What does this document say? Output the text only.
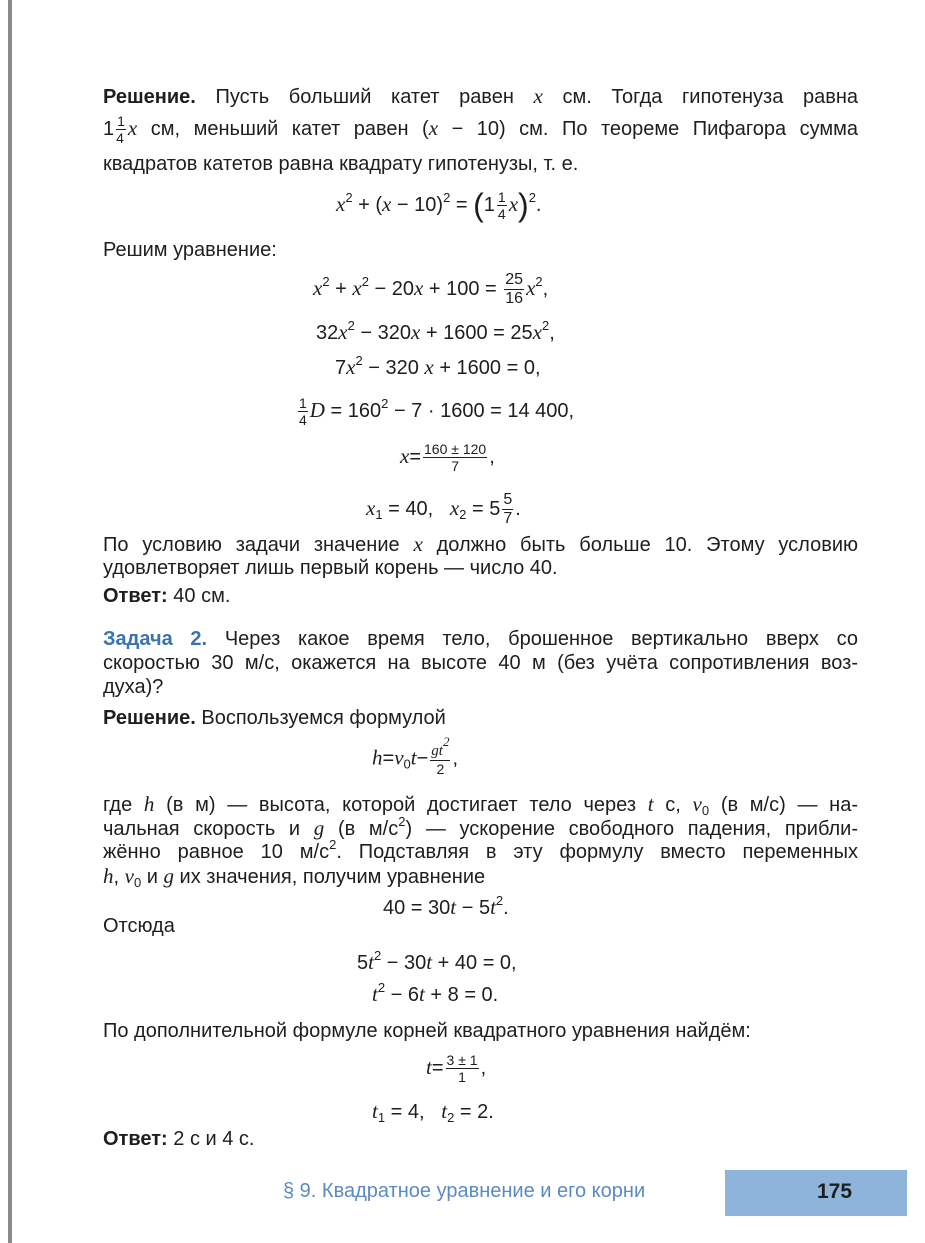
Решение. Пусть больший катет равен x см. Тогда гипотенуза равна
$1 \frac{1}{4}$ x см, меньший катет равен (x − 10) см. По теореме Пифагора сумма
квадратов катетов равна квадрату гипотенузы, т. е.
$x^2 + (x - 10)^2 = (1 \frac{1}{4} x)^2$.
Решим уравнение:
$x^2 + x^2 - 20x + 100 = \frac{25}{16} x^2$,
$32x^2 - 320x + 1600 = 25x^2$,
$7x^2 - 320$ x + 1600 = 0,
$\frac{1}{4}$ $D = 160^2 - 7 \cdot 1600 = 14$ 400,
$x= \frac{160 \pm 120}{7}$ ,
$x_1 = 40$, $x_2 = 5 \frac{5}{7}$ .
По условию задачи значение x должно быть больше 10. Этому условию
удовлетворяет лишь первый корень — число 40.
Ответ: 40 см.
Задача 2. Через какое время тело, брошенное вертикально вверх со
скоростью 30 м/с, окажется на высоте 40 м (без учёта сопротивления воз-
духа)?
Решение. Воспользуемся формулой
$h=v_0t- \frac{gt^2}{2}$ ,
где h (в м) — высота, которой достигает тело через t с, $v_0$ (в м/с) — на-
чальная скорость и g (в $м/с^2$) — ускорение свободного падения, прибли-
жённо равное 10 $м/с^2$. Подставляя в эту формулу вместо переменных
h, $v_0$ и g их значения, получим уравнение
$40 = 30t - 5t^2$.
Отсюда
$5t^2 - 30t + 40 = 0$,
$t^2 - 6t + 8 = 0$.
По дополнительной формуле корней квадратного уравнения найдём:
$t= \frac{3 \pm 1}{1}$ ,
$t_1 = 4$, $t_2 = 2$.
Ответ: 2 с и 4 с.
§ 9. Квадратное уравнение и его корни	175
